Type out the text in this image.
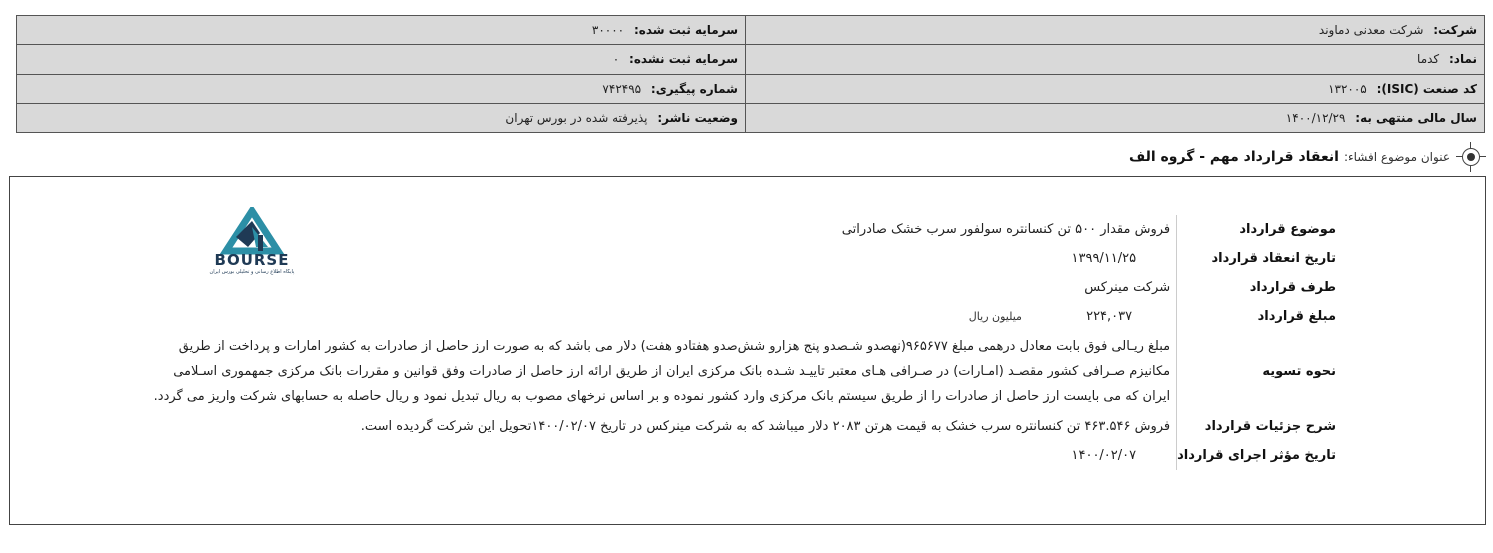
شرکت: شرکت معدنی دماوند	سرمایه ثبت شده: ۳۰۰۰۰
نماد: کدما	سرمایه ثبت نشده: ۰
کد صنعت (ISIC): ۱۳۲۰۰۵	شماره پیگیری: ۷۴۲۴۹۵
سال مالی منتهی به: ۱۴۰۰/۱۲/۲۹	وضعیت ناشر: پذیرفته شده در بورس تهران
عنوان موضوع افشاء:
انعقاد قرارداد مهم - گروه الف
BOURSE
پایگاه اطلاع رسانی و تحلیلی بورس ایران
موضوع قرارداد	فروش مقدار ۵۰۰ تن کنسانتره سولفور سرب خشک صادراتی
تاریخ انعقاد قرارداد	۱۳۹۹/۱۱/۲۵
طرف قرارداد	شرکت مینرکس
مبلغ قرارداد	۲۲۴,۰۳۷ میلیون ریال
نحوه تسویه	مبلغ ریـالی فوق بابت معادل درهمی مبلغ ۹۶۵۶۷۷(نهصدو شـصدو پنج هزارو شش‌صدو هفتادو هفت) دلار می باشد که به صورت ارز حاصل از صادرات به کشور امارات و پرداخت از طریق مکانیزم صـرافی کشور مقصـد (امـارات) در صـرافی هـای معتبر تاییـد شـده بانک مرکزی ایران از طریق ارائه ارز حاصل از صادرات وفق قوانین و مقررات بانک مرکزی جمهموری اسـلامی ایران که می بایست ارز حاصل از صادرات را از طریق سیستم بانک مرکزی وارد کشور نموده و بر اساس نرخهای مصوب به ریال تبدیل نمود و ریال حاصله به حسابهای شرکت واریز می گردد.
شرح جزئیات قرارداد	فروش ۴۶۳.۵۴۶ تن کنسانتره سرب خشک به قیمت هرتن ۲۰۸۳ دلار میباشد که به شرکت مینرکس در تاریخ ۱۴۰۰/۰۲/۰۷تحویل این شرکت گردیده است.
تاریخ مؤثر اجرای قرارداد	۱۴۰۰/۰۲/۰۷
